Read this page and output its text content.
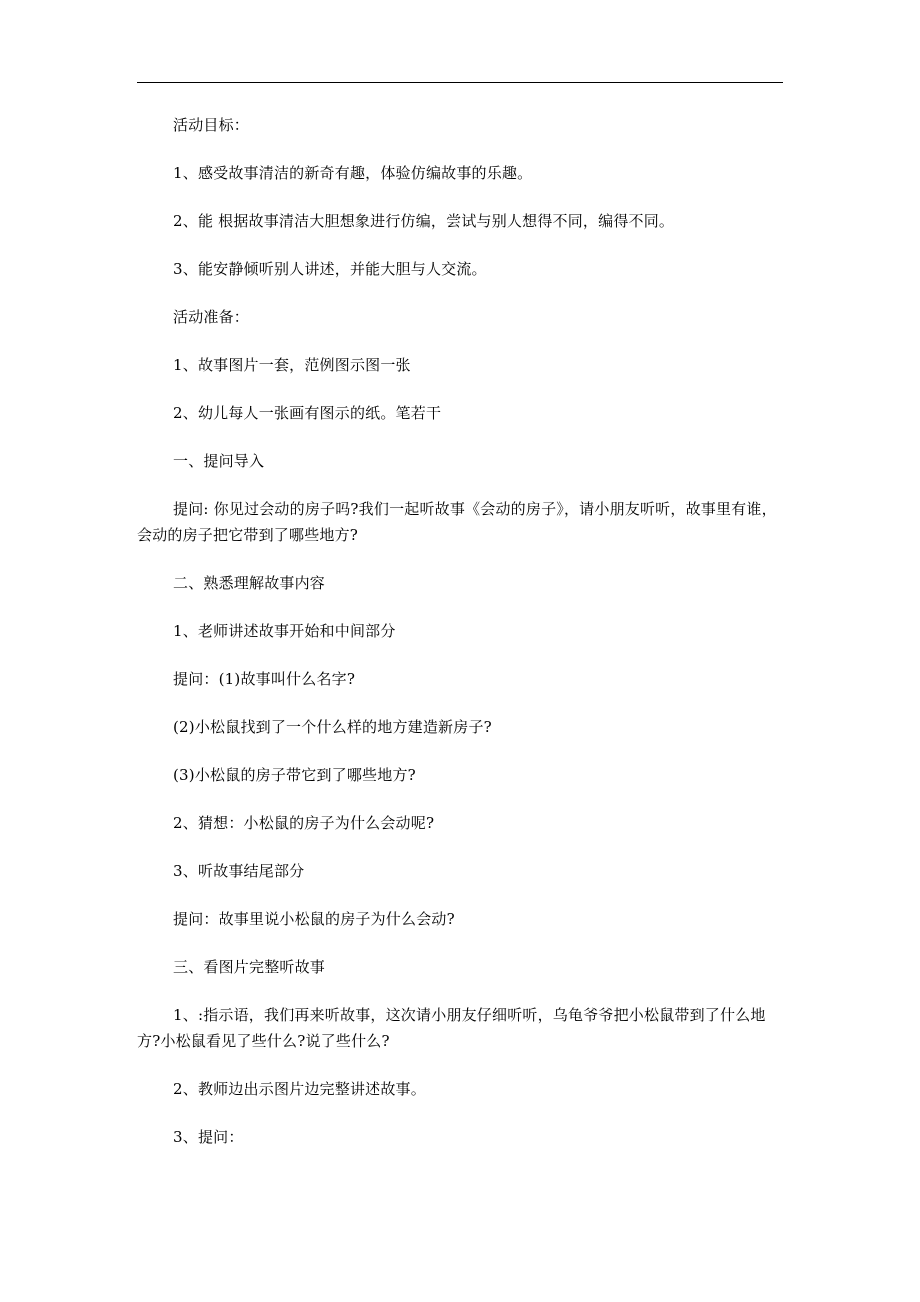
活动目标：
1、感受故事清洁的新奇有趣，体验仿编故事的乐趣。
2、能 根据故事清洁大胆想象进行仿编，尝试与别人想得不同，编得不同。
3、能安静倾听别人讲述，并能大胆与人交流。
活动准备：
1、故事图片一套，范例图示图一张
2、幼儿每人一张画有图示的纸。笔若干
一、提问导入
提问: 你见过会动的房子吗?我们一起听故事《会动的房子》，请小朋友听听，故事里有谁，会动的房子把它带到了哪些地方?
二、熟悉理解故事内容
1、老师讲述故事开始和中间部分
提问：(1)故事叫什么名字?
(2)小松鼠找到了一个什么样的地方建造新房子?
(3)小松鼠的房子带它到了哪些地方?
2、猜想：小松鼠的房子为什么会动呢?
3、听故事结尾部分
提问：故事里说小松鼠的房子为什么会动?
三、看图片完整听故事
1、:指示语，我们再来听故事，这次请小朋友仔细听听，乌龟爷爷把小松鼠带到了什么地方?小松鼠看见了些什么?说了些什么?
2、教师边出示图片边完整讲述故事。
3、提问：
